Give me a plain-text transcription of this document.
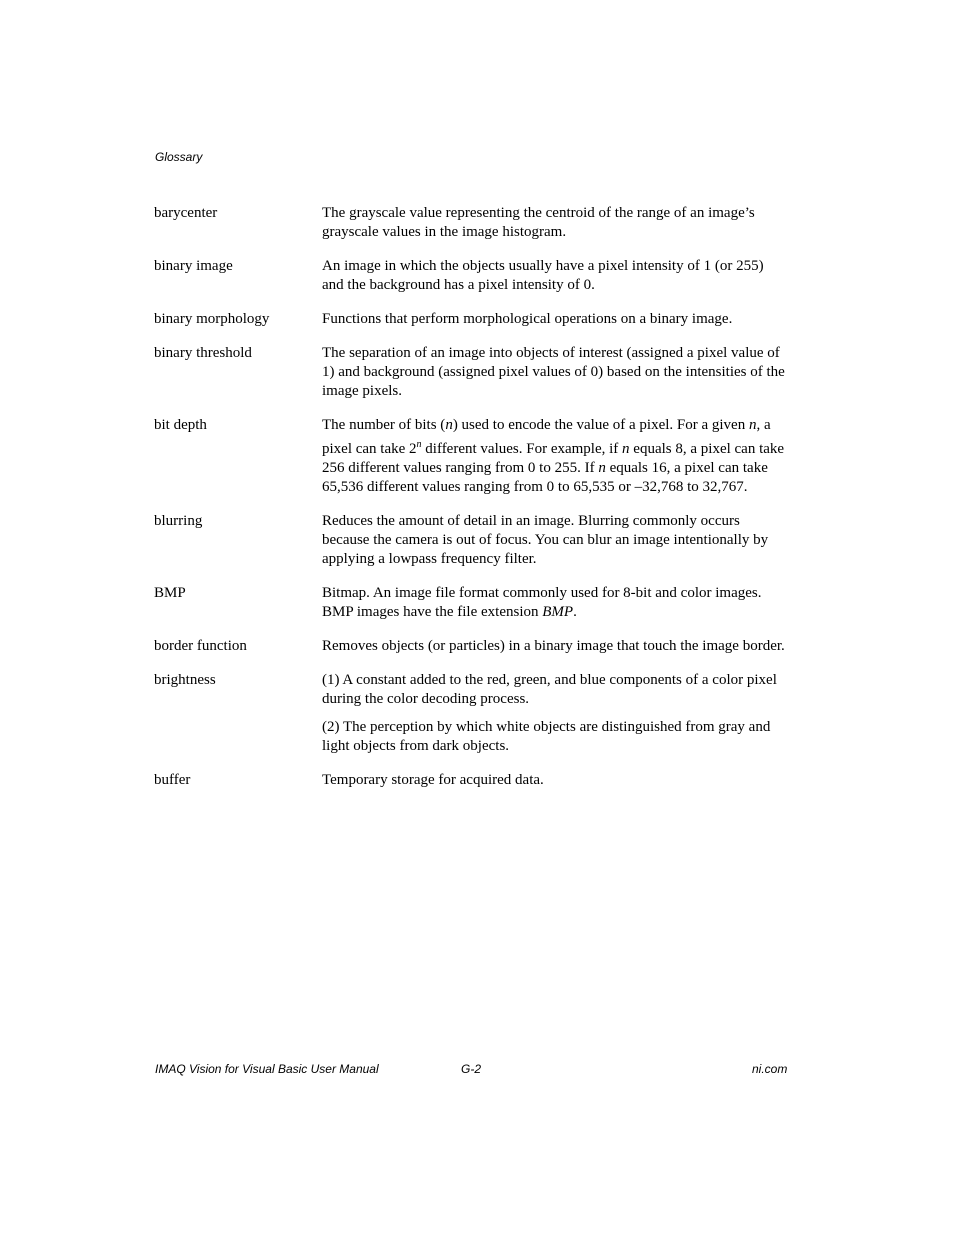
Glossary
barycenter	The grayscale value representing the centroid of the range of an image’s grayscale values in the image histogram.

binary image	An image in which the objects usually have a pixel intensity of 1 (or 255) and the background has a pixel intensity of 0.

binary morphology	Functions that perform morphological operations on a binary image.

binary threshold	The separation of an image into objects of interest (assigned a pixel value of 1) and background (assigned pixel values of 0) based on the intensities of the image pixels.

bit depth	The number of bits (n) used to encode the value of a pixel. For a given n, a pixel can take 2$^n$ different values. For example, if n equals 8, a pixel can take 256 different values ranging from 0 to 255. If n equals 16, a pixel can take 65,536 different values ranging from 0 to 65,535 or –32,768 to 32,767.

blurring	Reduces the amount of detail in an image. Blurring commonly occurs because the camera is out of focus. You can blur an image intentionally by applying a lowpass frequency filter.

BMP	Bitmap. An image file format commonly used for 8-bit and color images. BMP images have the file extension BMP.

border function	Removes objects (or particles) in a binary image that touch the image border.

brightness	(1) A constant added to the red, green, and blue components of a color pixel during the color decoding process.

(2) The perception by which white objects are distinguished from gray and light objects from dark objects.

buffer	Temporary storage for acquired data.

IMAQ Vision for Visual Basic User Manual	G-2	ni.com
